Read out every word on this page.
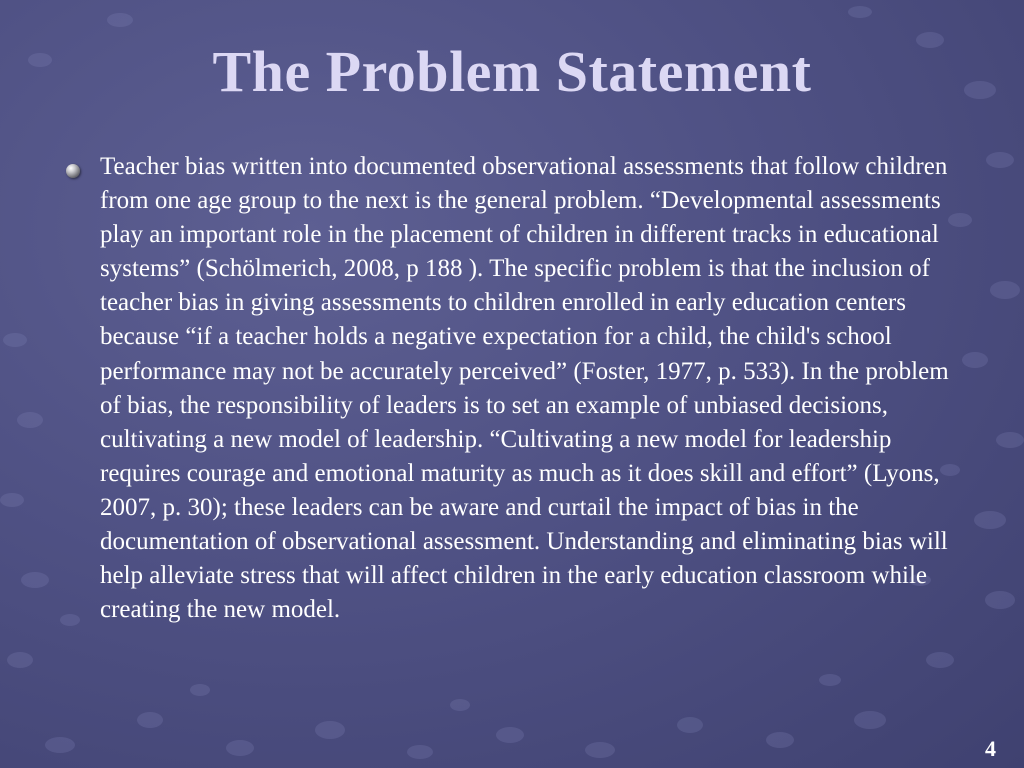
The Problem Statement

Teacher bias written into documented observational assessments that follow children from one age group to the next is the general problem. “Developmental assessments play an important role in the placement of children in different tracks in educational systems” (Schölmerich, 2008, p 188 ). The specific problem is that the inclusion of teacher bias in giving assessments to children enrolled in early education centers because “if a teacher holds a negative expectation for a child, the child's school performance may not be accurately perceived” (Foster, 1977, p. 533). In the problem of bias, the responsibility of leaders is to set an example of unbiased decisions, cultivating a new model of leadership. “Cultivating a new model for leadership requires courage and emotional maturity as much as it does skill and effort” (Lyons, 2007, p. 30); these leaders can be aware and curtail the impact of bias in the documentation of observational assessment. Understanding and eliminating bias will help alleviate stress that will affect children in the early education classroom while creating the new model.

4
